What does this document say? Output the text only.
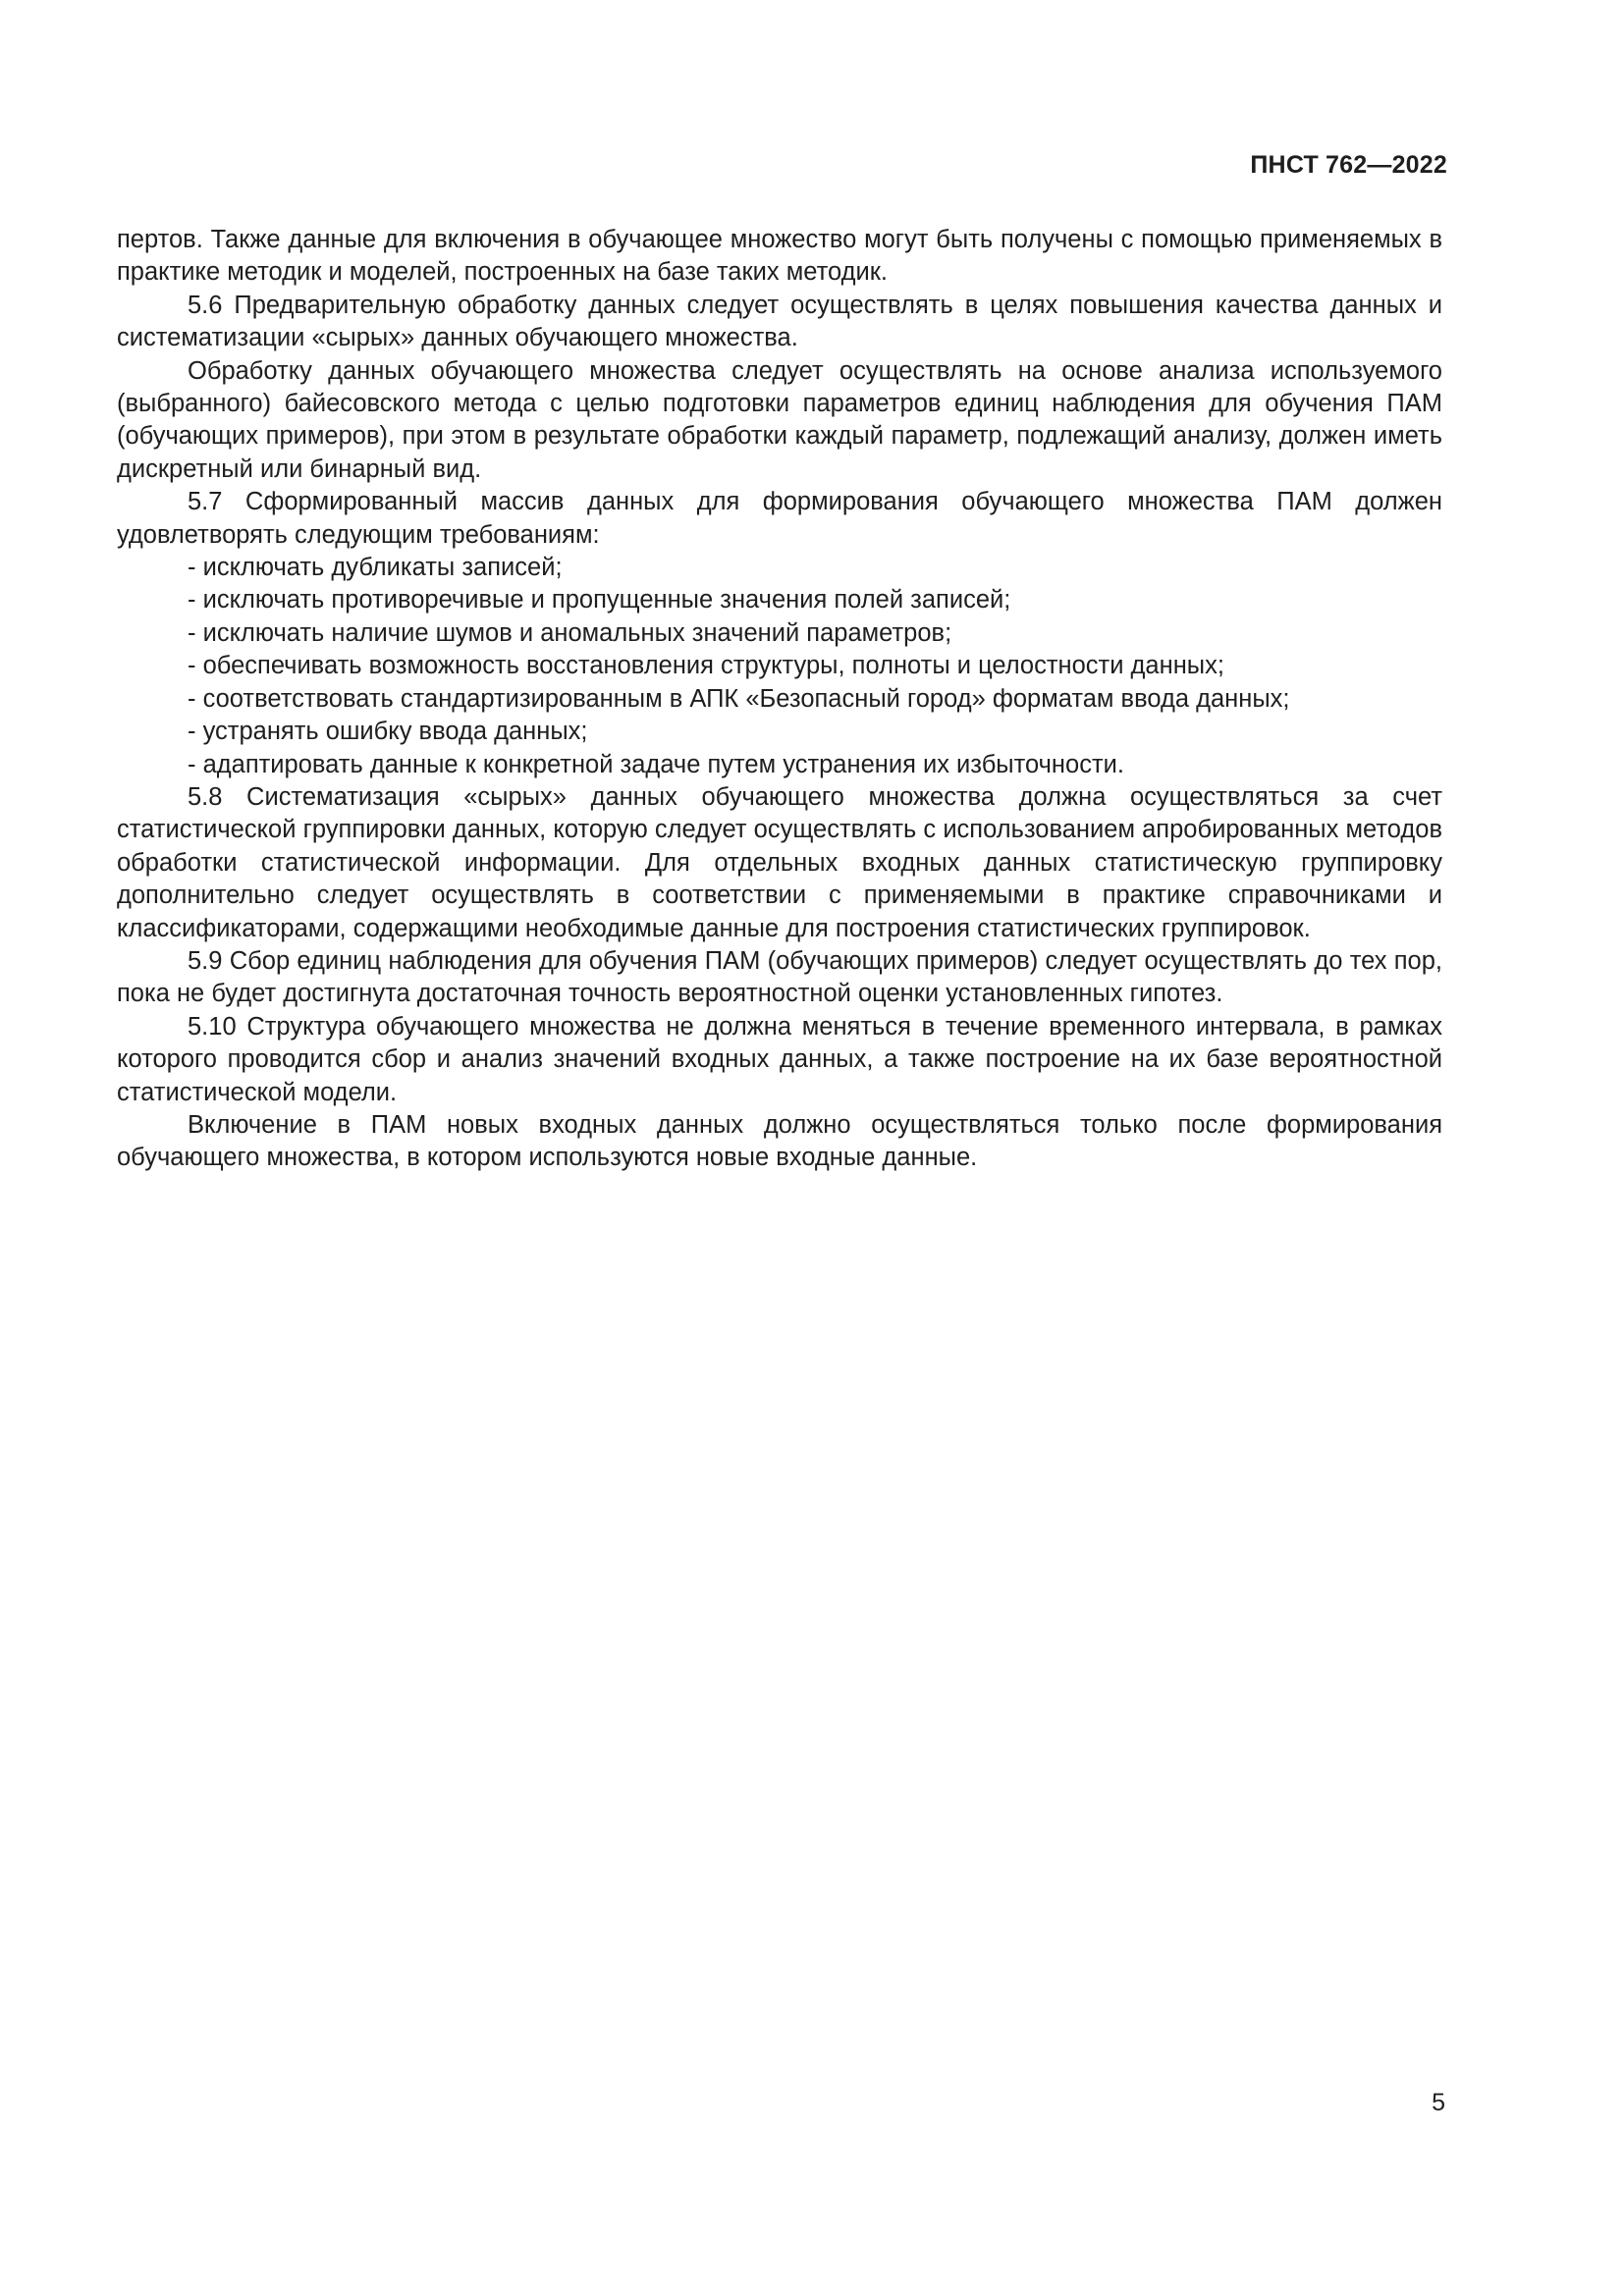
ПНСТ 762—2022

пертов. Также данные для включения в обучающее множество могут быть получены с помощью применяемых в практике методик и моделей, построенных на базе таких методик.

5.6 Предварительную обработку данных следует осуществлять в целях повышения качества данных и систематизации «сырых» данных обучающего множества.

Обработку данных обучающего множества следует осуществлять на основе анализа используемого (выбранного) байесовского метода с целью подготовки параметров единиц наблюдения для обучения ПАМ (обучающих примеров), при этом в результате обработки каждый параметр, подлежащий анализу, должен иметь дискретный или бинарный вид.

5.7 Сформированный массив данных для формирования обучающего множества ПАМ должен удовлетворять следующим требованиям:

- исключать дубликаты записей;

- исключать противоречивые и пропущенные значения полей записей;

- исключать наличие шумов и аномальных значений параметров;

- обеспечивать возможность восстановления структуры, полноты и целостности данных;

- соответствовать стандартизированным в АПК «Безопасный город» форматам ввода данных;

- устранять ошибку ввода данных;

- адаптировать данные к конкретной задаче путем устранения их избыточности.

5.8 Систематизация «сырых» данных обучающего множества должна осуществляться за счет статистической группировки данных, которую следует осуществлять с использованием апробированных методов обработки статистической информации. Для отдельных входных данных статистическую группировку дополнительно следует осуществлять в соответствии с применяемыми в практике справочниками и классификаторами, содержащими необходимые данные для построения статистических группировок.

5.9 Сбор единиц наблюдения для обучения ПАМ (обучающих примеров) следует осуществлять до тех пор, пока не будет достигнута достаточная точность вероятностной оценки установленных гипотез.

5.10 Структура обучающего множества не должна меняться в течение временного интервала, в рамках которого проводится сбор и анализ значений входных данных, а также построение на их базе вероятностной статистической модели.

Включение в ПАМ новых входных данных должно осуществляться только после формирования обучающего множества, в котором используются новые входные данные.

5
